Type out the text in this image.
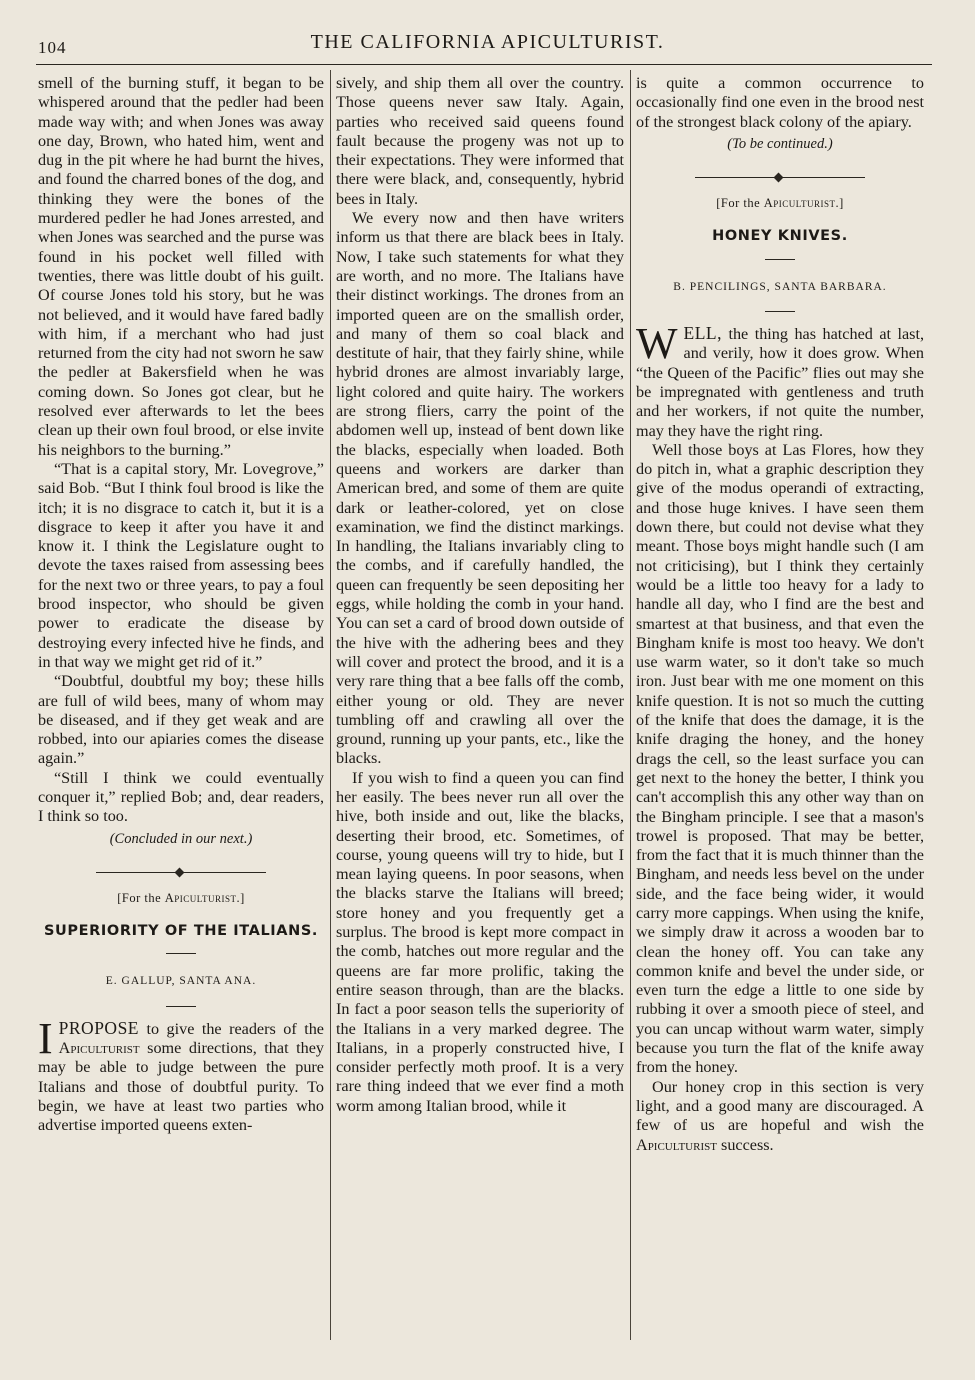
104	THE CALIFORNIA APICULTURIST.

smell of the burning stuff, it began to be whispered around that the pedler had been made way with; and when Jones was away one day, Brown, who hated him, went and dug in the pit where he had burnt the hives, and found the charred bones of the dog, and thinking they were the bones of the murdered pedler he had Jones arrested, and when Jones was searched and the purse was found in his pocket well filled with twenties, there was little doubt of his guilt. Of course Jones told his story, but he was not believed, and it would have fared badly with him, if a merchant who had just returned from the city had not sworn he saw the pedler at Bakersfield when he was coming down. So Jones got clear, but he resolved ever afterwards to let the bees clean up their own foul brood, or else invite his neighbors to the burning.”

“That is a capital story, Mr. Lovegrove,” said Bob. “But I think foul brood is like the itch; it is no disgrace to catch it, but it is a disgrace to keep it after you have it and know it. I think the Legislature ought to devote the taxes raised from assessing bees for the next two or three years, to pay a foul brood inspector, who should be given power to eradicate the disease by destroying every infected hive he finds, and in that way we might get rid of it.”

“Doubtful, doubtful my boy; these hills are full of wild bees, many of whom may be diseased, and if they get weak and are robbed, into our apiaries comes the disease again.”

“Still I think we could eventually conquer it,” replied Bob; and, dear readers, I think so too.

(Concluded in our next.)

[For the Apiculturist.]
SUPERIORITY OF THE ITALIANS.
E. GALLUP, SANTA ANA.

IPROPOSE to give the readers of the Apiculturist some directions, that they may be able to judge between the pure Italians and those of doubtful purity. To begin, we have at least two parties who advertise imported queens exten-

sively, and ship them all over the country. Those queens never saw Italy. Again, parties who received said queens found fault because the progeny was not up to their expectations. They were informed that there were black, and, consequently, hybrid bees in Italy.

We every now and then have writers inform us that there are black bees in Italy. Now, I take such statements for what they are worth, and no more. The Italians have their distinct workings. The drones from an imported queen are on the smallish order, and many of them so coal black and destitute of hair, that they fairly shine, while hybrid drones are almost invariably large, light colored and quite hairy. The workers are strong fliers, carry the point of the abdomen well up, instead of bent down like the blacks, especially when loaded. Both queens and workers are darker than American bred, and some of them are quite dark or leather-colored, yet on close examination, we find the distinct markings. In handling, the Italians invariably cling to the combs, and if carefully handled, the queen can frequently be seen depositing her eggs, while holding the comb in your hand. You can set a card of brood down outside of the hive with the adhering bees and they will cover and protect the brood, and it is a very rare thing that a bee falls off the comb, either young or old. They are never tumbling off and crawling all over the ground, running up your pants, etc., like the blacks.

If you wish to find a queen you can find her easily. The bees never run all over the hive, both inside and out, like the blacks, deserting their brood, etc. Sometimes, of course, young queens will try to hide, but I mean laying queens. In poor seasons, when the blacks starve the Italians will breed; store honey and you frequently get a surplus. The brood is kept more compact in the comb, hatches out more regular and the queens are far more prolific, taking the entire season through, than are the blacks. In fact a poor season tells the superiority of the Italians in a very marked degree. The Italians, in a properly constructed hive, I consider perfectly moth proof. It is a very rare thing indeed that we ever find a moth worm among Italian brood, while it

is quite a common occurrence to occasionally find one even in the brood nest of the strongest black colony of the apiary.

(To be continued.)

[For the Apiculturist.]
HONEY KNIVES.
B. PENCILINGS, SANTA BARBARA.

WELL, the thing has hatched at last, and verily, how it does grow. When “the Queen of the Pacific” flies out may she be impregnated with gentleness and truth and her workers, if not quite the number, may they have the right ring.

Well those boys at Las Flores, how they do pitch in, what a graphic description they give of the modus operandi of extracting, and those huge knives. I have seen them down there, but could not devise what they meant. Those boys might handle such (I am not criticising), but I think they certainly would be a little too heavy for a lady to handle all day, who I find are the best and smartest at that business, and that even the Bingham knife is most too heavy. We don't use warm water, so it don't take so much iron. Just bear with me one moment on this knife question. It is not so much the cutting of the knife that does the damage, it is the knife draging the honey, and the honey drags the cell, so the least surface you can get next to the honey the better, I think you can't accomplish this any other way than on the Bingham principle. I see that a mason's trowel is proposed. That may be better, from the fact that it is much thinner than the Bingham, and needs less bevel on the under side, and the face being wider, it would carry more cappings. When using the knife, we simply draw it across a wooden bar to clean the honey off. You can take any common knife and bevel the under side, or even turn the edge a little to one side by rubbing it over a smooth piece of steel, and you can uncap without warm water, simply because you turn the flat of the knife away from the honey.

Our honey crop in this section is very light, and a good many are discouraged. A few of us are hopeful and wish the Apiculturist success.
